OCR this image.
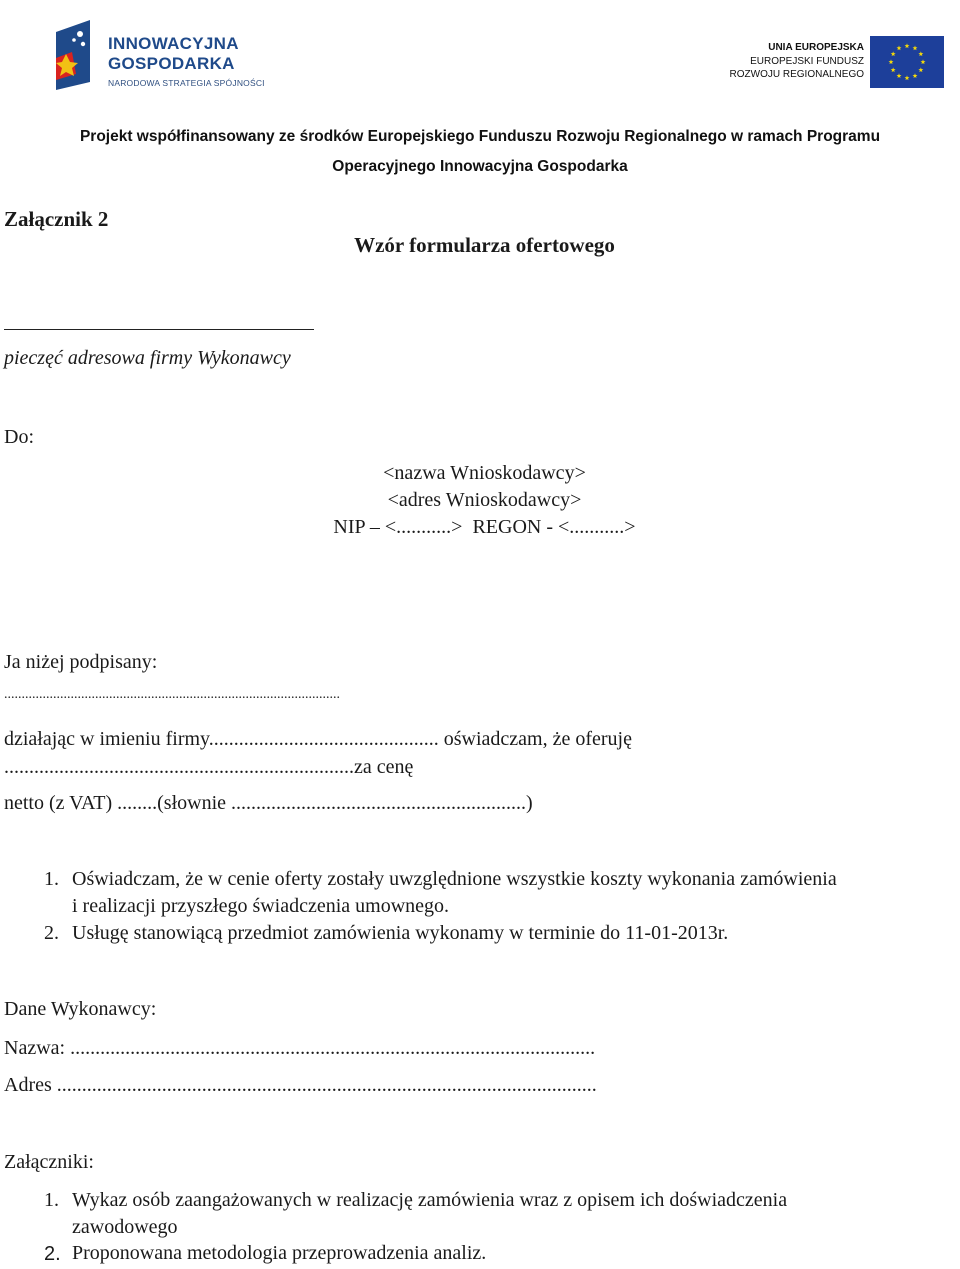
INNOWACYJNA
GOSPODARKA
NARODOWA STRATEGIA SPÓJNOŚCI
UNIA EUROPEJSKA
EUROPEJSKI FUNDUSZ
ROZWOJU REGIONALNEGO
Projekt współfinansowany ze środków Europejskiego Funduszu Rozwoju Regionalnego w ramach Programu
Operacyjnego Innowacyjna Gospodarka
Załącznik 2
Wzór formularza ofertowego
pieczęć adresowa firmy Wykonawcy
Do:
<nazwa Wnioskodawcy>
<adres Wnioskodawcy>
NIP – <...........>  REGON - <...........>
Ja niżej podpisany:
................................................................................................
działając w imieniu firmy.............................................. oświadczam, że oferuję
......................................................................za cenę
netto (z VAT) ........(słownie ...........................................................)
1. Oświadczam, że w cenie oferty zostały uwzględnione wszystkie koszty wykonania zamówienia
i realizacji przyszłego świadczenia umownego.
2. Usługę stanowiącą przedmiot zamówienia wykonamy w terminie do 11-01-2013r.
Dane Wykonawcy:
Nazwa: .........................................................................................................
Adres ............................................................................................................
Załączniki:
1. Wykaz osób zaangażowanych w realizację zamówienia wraz z opisem ich doświadczenia
zawodowego
2. Proponowana metodologia przeprowadzenia analiz.
